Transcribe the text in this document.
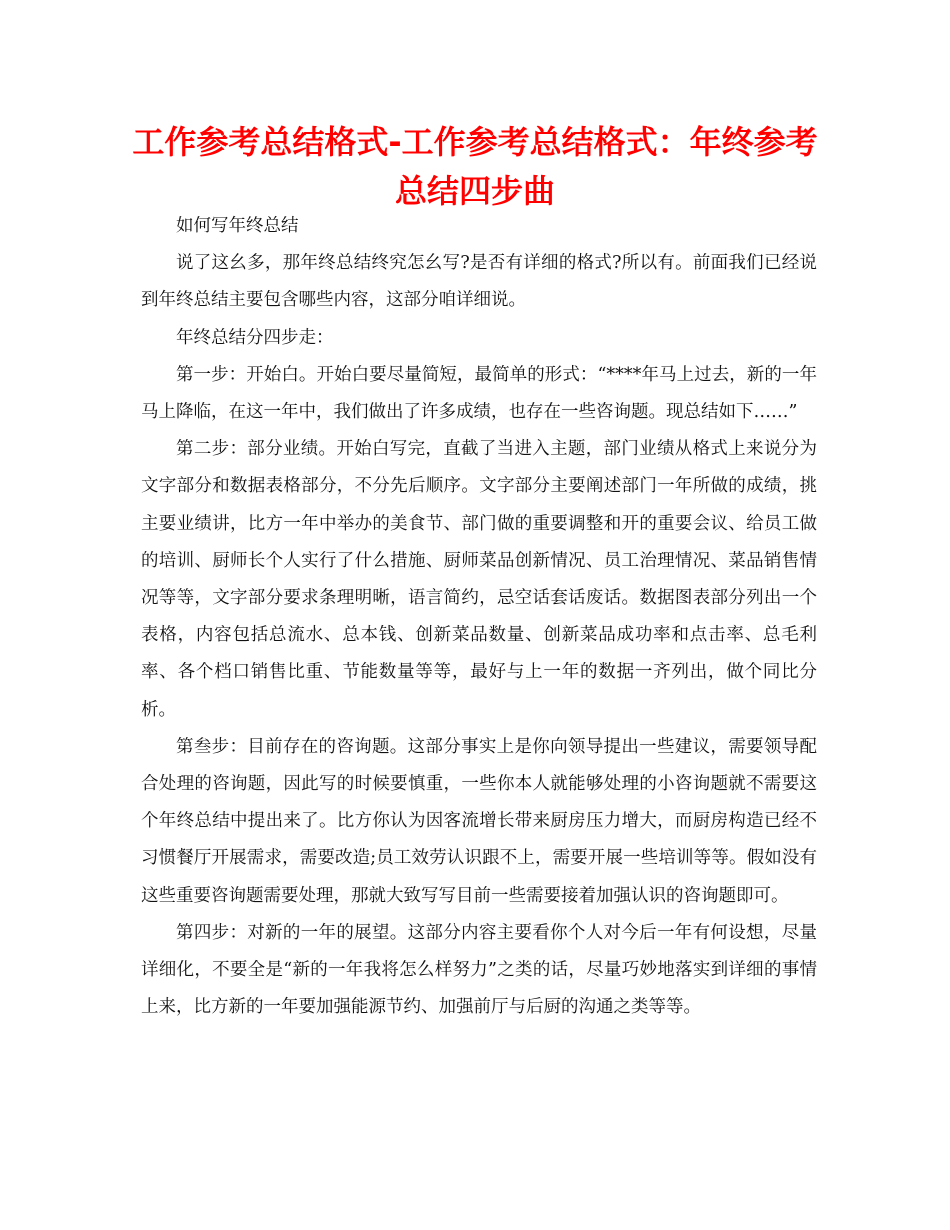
工作参考总结格式-工作参考总结格式：年终参考总结四步曲

如何写年终总结

说了这幺多，那年终总结终究怎幺写?是否有详细的格式?所以有。前面我们已经说到年终总结主要包含哪些内容，这部分咱详细说。

年终总结分四步走：

第一步：开始白。开始白要尽量简短，最简单的形式：“****年马上过去，新的一年马上降临，在这一年中，我们做出了许多成绩，也存在一些咨询题。现总结如下……”

第二步：部分业绩。开始白写完，直截了当进入主题，部门业绩从格式上来说分为文字部分和数据表格部分，不分先后顺序。文字部分主要阐述部门一年所做的成绩，挑主要业绩讲，比方一年中举办的美食节、部门做的重要调整和开的重要会议、给员工做的培训、厨师长个人实行了什么措施、厨师菜品创新情况、员工治理情况、菜品销售情况等等，文字部分要求条理明晰，语言简约，忌空话套话废话。数据图表部分列出一个表格，内容包括总流水、总本钱、创新菜品数量、创新菜品成功率和点击率、总毛利率、各个档口销售比重、节能数量等等，最好与上一年的数据一齐列出，做个同比分析。

第叁步：目前存在的咨询题。这部分事实上是你向领导提出一些建议，需要领导配合处理的咨询题，因此写的时候要慎重，一些你本人就能够处理的小咨询题就不需要这个年终总结中提出来了。比方你认为因客流增长带来厨房压力增大，而厨房构造已经不习惯餐厅开展需求，需要改造;员工效劳认识跟不上，需要开展一些培训等等。假如没有这些重要咨询题需要处理，那就大致写写目前一些需要接着加强认识的咨询题即可。

第四步：对新的一年的展望。这部分内容主要看你个人对今后一年有何设想，尽量详细化，不要全是“新的一年我将怎么样努力”之类的话，尽量巧妙地落实到详细的事情上来，比方新的一年要加强能源节约、加强前厅与后厨的沟通之类等等。
